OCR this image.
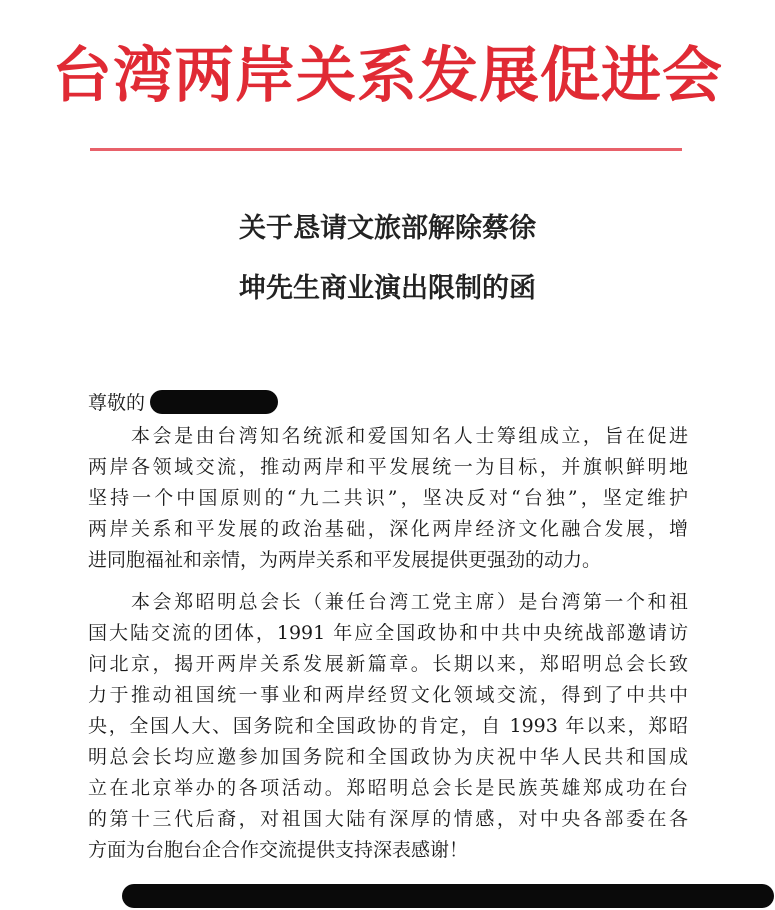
台湾两岸关系发展促进会
关于恳请文旅部解除蔡徐
坤先生商业演出限制的函
尊敬的
　　本会是由台湾知名统派和爱国知名人士筹组成立，旨在促进
两岸各领域交流，推动两岸和平发展统一为目标，并旗帜鲜明地
坚持一个中国原则的“九二共识”，坚决反对“台独”，坚定维护
两岸关系和平发展的政治基础，深化两岸经济文化融合发展，增
进同胞福祉和亲情，为两岸关系和平发展提供更强劲的动力。
　　本会郑昭明总会长（兼任台湾工党主席）是台湾第一个和祖
国大陆交流的团体，1991 年应全国政协和中共中央统战部邀请访
问北京，揭开两岸关系发展新篇章。长期以来，郑昭明总会长致
力于推动祖国统一事业和两岸经贸文化领域交流，得到了中共中
央，全国人大、国务院和全国政协的肯定，自 1993 年以来，郑昭
明总会长均应邀参加国务院和全国政协为庆祝中华人民共和国成
立在北京举办的各项活动。郑昭明总会长是民族英雄郑成功在台
的第十三代后裔，对祖国大陆有深厚的情感，对中央各部委在各
方面为台胞台企合作交流提供支持深表感谢！
